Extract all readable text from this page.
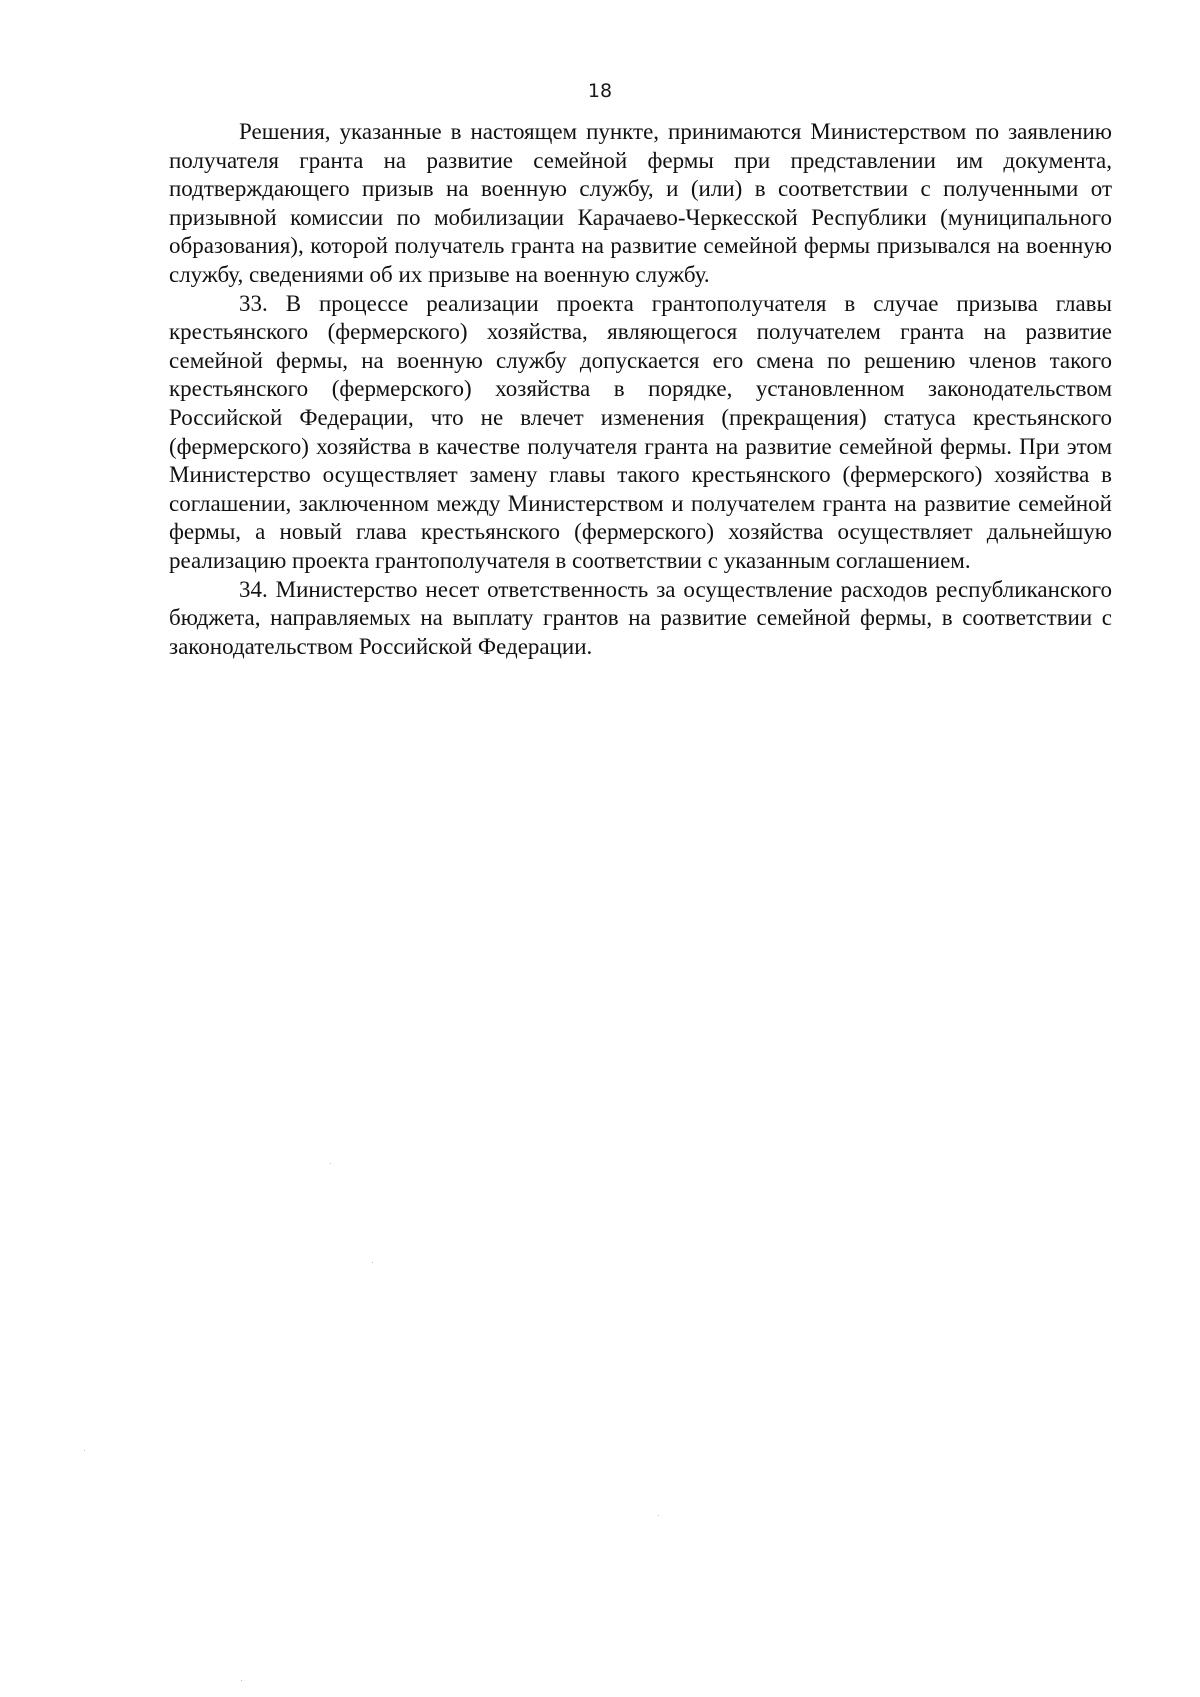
18

Решения, указанные в настоящем пункте, принимаются Министерством по заявлению получателя гранта на развитие семейной фермы при представлении им документа, подтверждающего призыв на военную службу, и (или) в соответствии с полученными от призывной комиссии по мобилизации Карачаево-Черкесской Республики (муниципального образования), которой получатель гранта на развитие семейной фермы призывался на военную службу, сведениями об их призыве на военную службу.

33. В процессе реализации проекта грантополучателя в случае призыва главы крестьянского (фермерского) хозяйства, являющегося получателем гранта на развитие семейной фермы, на военную службу допускается его смена по решению членов такого крестьянского (фермерского) хозяйства в порядке, установленном законодательством Российской Федерации, что не влечет изменения (прекращения) статуса крестьянского (фермерского) хозяйства в качестве получателя гранта на развитие семейной фермы. При этом Министерство осуществляет замену главы такого крестьянского (фермерского) хозяйства в соглашении, заключенном между Министерством и получателем гранта на развитие семейной фермы, а новый глава крестьянского (фермерского) хозяйства осуществляет дальнейшую реализацию проекта грантополучателя в соответствии с указанным соглашением.

34. Министерство несет ответственность за осуществление расходов республиканского бюджета, направляемых на выплату грантов на развитие семейной фермы, в соответствии с законодательством Российской Федерации.
